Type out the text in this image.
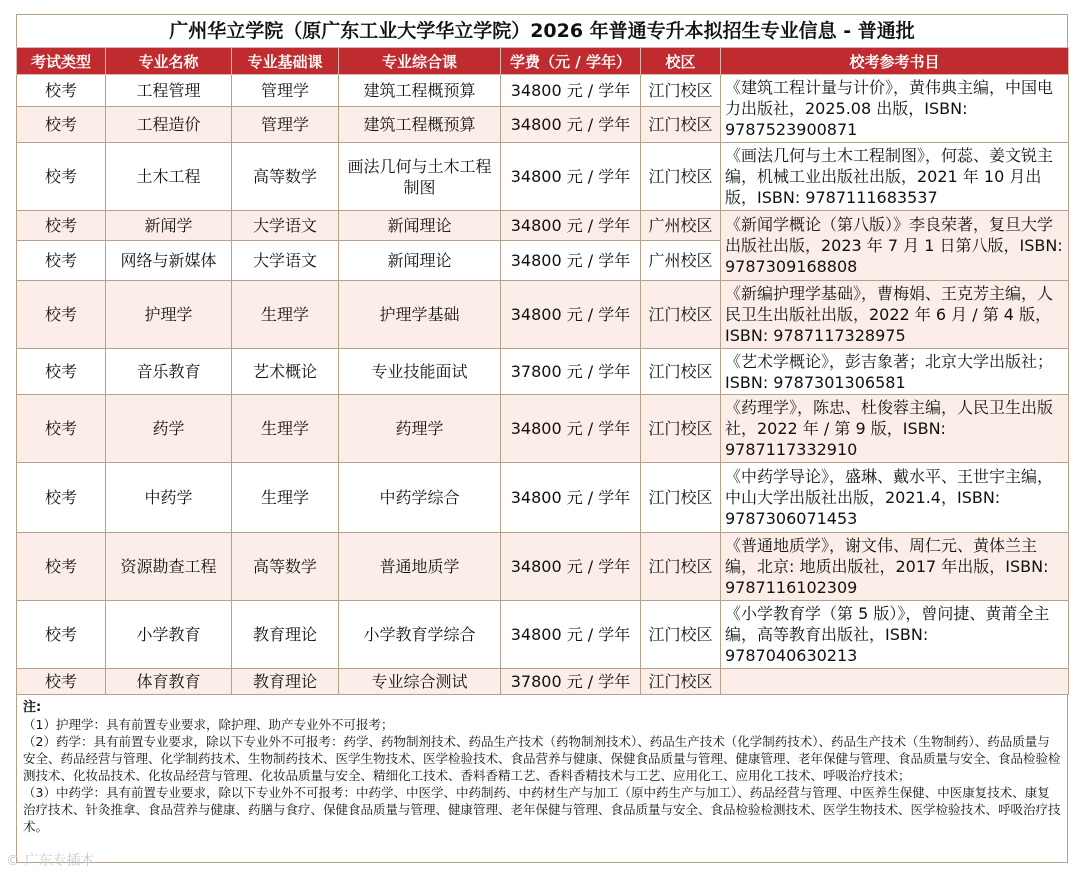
广州华立学院（原广东工业大学华立学院）2026 年普通专升本拟招生专业信息 - 普通批
考试类型	专业名称	专业基础课	专业综合课	学费（元 / 学年）	校区	校考参考书目
校考	工程管理	管理学	建筑工程概预算	34800 元 / 学年	江门校区	《建筑工程计量与计价》，黄伟典主编，中国电力出版社，2025.08 出版，ISBN: 9787523900871
校考	工程造价	管理学	建筑工程概预算	34800 元 / 学年	江门校区	
校考	土木工程	高等数学	画法几何与土木工程制图	34800 元 / 学年	江门校区	《画法几何与土木工程制图》，何蕊、姜文锐主编，机械工业出版社出版，2021 年 10 月出版，ISBN: 9787111683537
校考	新闻学	大学语文	新闻理论	34800 元 / 学年	广州校区	《新闻学概论（第八版）》李良荣著，复旦大学出版社出版，2023 年 7 月 1 日第八版，ISBN: 9787309168808
校考	网络与新媒体	大学语文	新闻理论	34800 元 / 学年	广州校区	
校考	护理学	生理学	护理学基础	34800 元 / 学年	江门校区	《新编护理学基础》，曹梅娟、王克芳主编，人民卫生出版社出版，2022 年 6 月 / 第 4 版，ISBN: 9787117328975
校考	音乐教育	艺术概论	专业技能面试	37800 元 / 学年	江门校区	《艺术学概论》，彭吉象著；北京大学出版社；ISBN: 9787301306581
校考	药学	生理学	药理学	34800 元 / 学年	江门校区	《药理学》，陈忠、杜俊蓉主编，人民卫生出版社，2022 年 / 第 9 版，ISBN: 9787117332910
校考	中药学	生理学	中药学综合	34800 元 / 学年	江门校区	《中药学导论》，盛琳、戴水平、王世宇主编，中山大学出版社出版，2021.4，ISBN: 9787306071453
校考	资源勘查工程	高等数学	普通地质学	34800 元 / 学年	江门校区	《普通地质学》，谢文伟、周仁元、黄体兰主编，北京: 地质出版社，2017 年出版，ISBN: 9787116102309
校考	小学教育	教育理论	小学教育学综合	34800 元 / 学年	江门校区	《小学教育学（第 5 版）》，曾问捷、黄莆全主编，高等教育出版社，ISBN: 9787040630213
校考	体育教育	教育理论	专业综合测试	37800 元 / 学年	江门校区	
注:
（1）护理学：具有前置专业要求，除护理、助产专业外不可报考；
（2）药学：具有前置专业要求，除以下专业外不可报考：药学、药物制剂技术、药品生产技术（药物制剂技术）、药品生产技术（化学制药技术）、药品生产技术（生物制药）、药品质量与安全、药品经营与管理、化学制药技术、生物制药技术、医学生物技术、医学检验技术、食品营养与健康、保健食品质量与管理、健康管理、老年保健与管理、食品质量与安全、食品检验检测技术、化妆品技术、化妆品经营与管理、化妆品质量与安全、精细化工技术、香料香精工艺、香料香精技术与工艺、应用化工、应用化工技术、呼吸治疗技术；
（3）中药学：具有前置专业要求，除以下专业外不可报考：中药学、中医学、中药制药、中药材生产与加工（原中药生产与加工）、药品经营与管理、中医养生保健、中医康复技术、康复治疗技术、针灸推拿、食品营养与健康、药膳与食疗、保健食品质量与管理、健康管理、老年保健与管理、食品质量与安全、食品检验检测技术、医学生物技术、医学检验技术、呼吸治疗技术。
© 广东专插本
